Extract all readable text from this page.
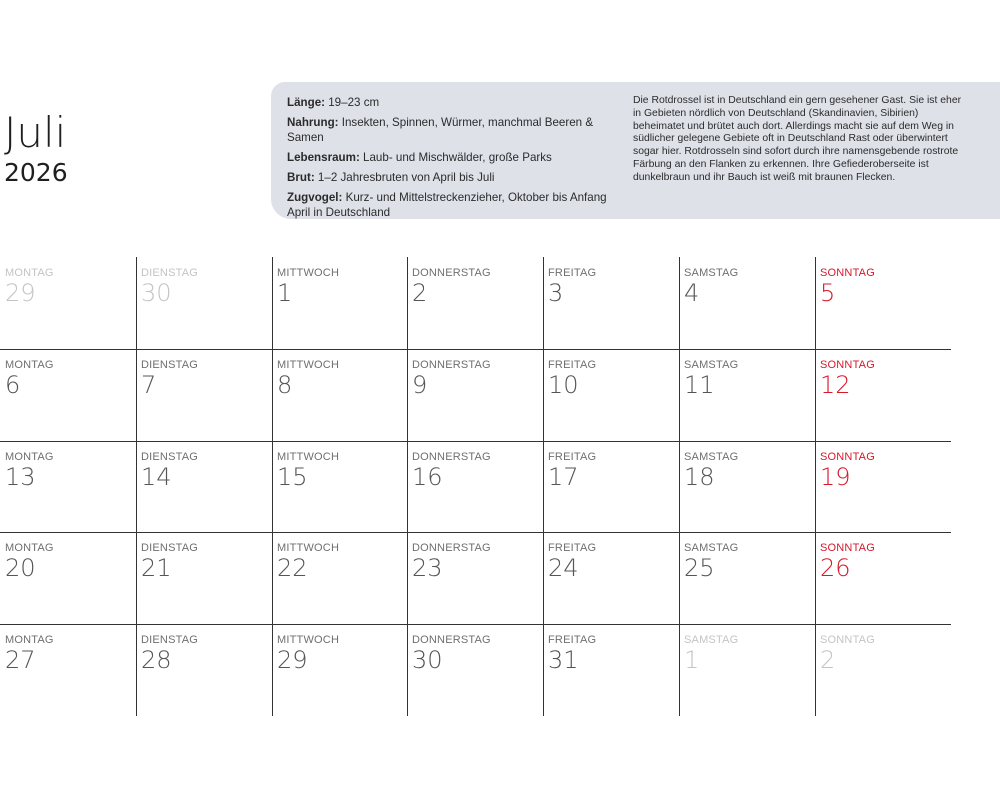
Juli
2026
Länge: 19–23 cm
Nahrung: Insekten, Spinnen, Würmer, manchmal Beeren & Samen
Lebensraum: Laub- und Mischwälder, große Parks
Brut: 1–2 Jahresbruten von April bis Juli
Zugvogel: Kurz- und Mittelstreckenzieher, Oktober bis Anfang April in Deutschland
Die Rotdrossel ist in Deutschland ein gern gesehener Gast. Sie ist eher in Gebieten nördlich von Deutschland (Skandinavien, Sibirien) beheimatet und brütet auch dort. Allerdings macht sie auf dem Weg in südlicher gelegene Gebiete oft in Deutschland Rast oder überwintert sogar hier. Rotdrosseln sind sofort durch ihre namensgebende rostrote Färbung an den Flanken zu erkennen. Ihre Gefiederoberseite ist dunkelbraun und ihr Bauch ist weiß mit braunen Flecken.
MONTAG
29
DIENSTAG
30
MITTWOCH
1
DONNERSTAG
2
FREITAG
3
SAMSTAG
4
SONNTAG
5
MONTAG
6
DIENSTAG
7
MITTWOCH
8
DONNERSTAG
9
FREITAG
10
SAMSTAG
11
SONNTAG
12
MONTAG
13
DIENSTAG
14
MITTWOCH
15
DONNERSTAG
16
FREITAG
17
SAMSTAG
18
SONNTAG
19
MONTAG
20
DIENSTAG
21
MITTWOCH
22
DONNERSTAG
23
FREITAG
24
SAMSTAG
25
SONNTAG
26
MONTAG
27
DIENSTAG
28
MITTWOCH
29
DONNERSTAG
30
FREITAG
31
SAMSTAG
1
SONNTAG
2
